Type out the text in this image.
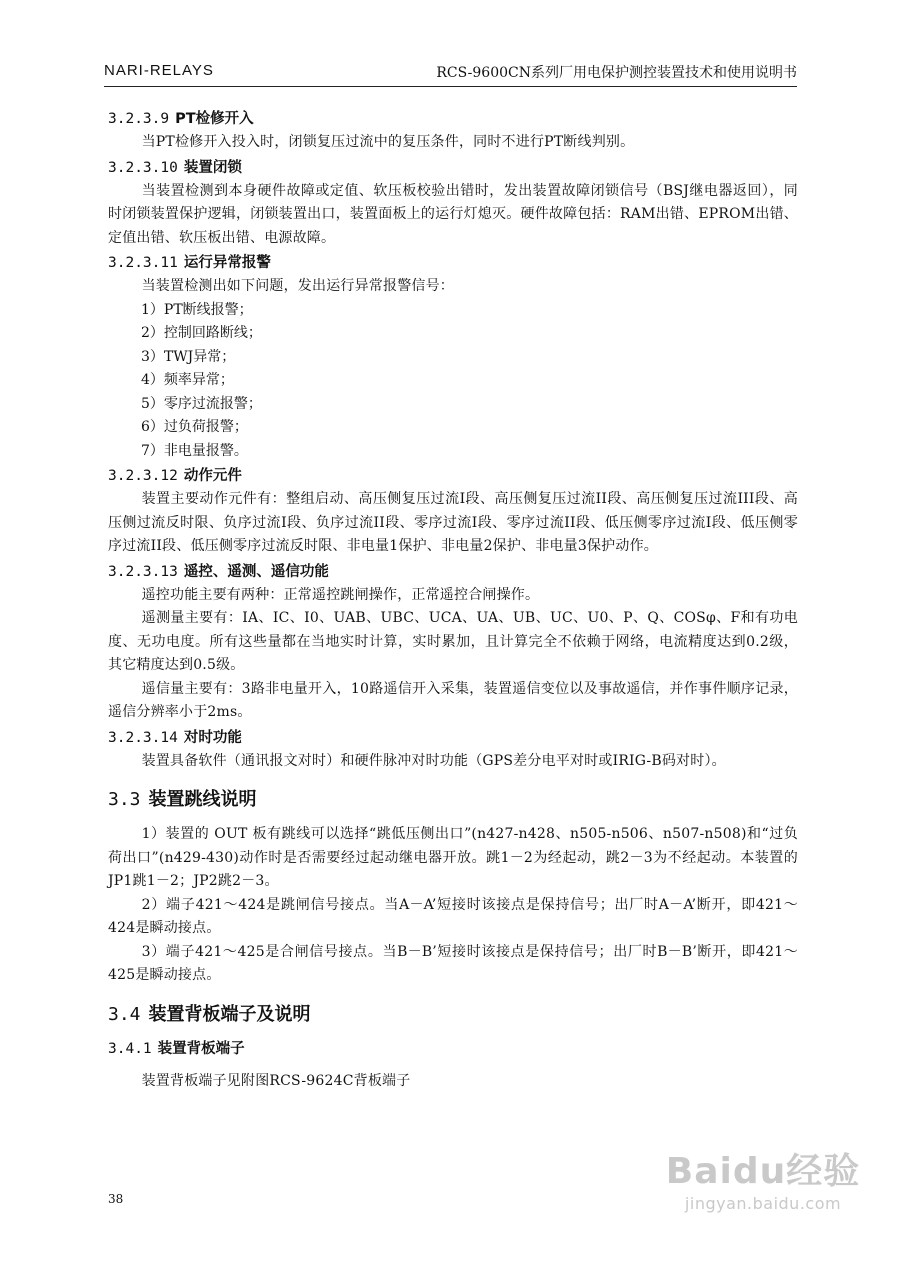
NARI-RELAYS	RCS-9600CN系列厂用电保护测控装置技术和使用说明书
3.2.3.9 PT检修开入

当PT检修开入投入时，闭锁复压过流中的复压条件，同时不进行PT断线判别。

3.2.3.10 装置闭锁

当装置检测到本身硬件故障或定值、软压板校验出错时，发出装置故障闭锁信号（BSJ继电器返回），同时闭锁装置保护逻辑，闭锁装置出口，装置面板上的运行灯熄灭。硬件故障包括：RAM出错、EPROM出错、定值出错、软压板出错、电源故障。

3.2.3.11 运行异常报警

当装置检测出如下问题，发出运行异常报警信号：

1）PT断线报警；
2）控制回路断线；
3）TWJ异常；
4）频率异常；
5）零序过流报警；
6）过负荷报警；
7）非电量报警。
3.2.3.12 动作元件

装置主要动作元件有：整组启动、高压侧复压过流I段、高压侧复压过流II段、高压侧复压过流III段、高压侧过流反时限、负序过流I段、负序过流II段、零序过流I段、零序过流II段、低压侧零序过流I段、低压侧零序过流II段、低压侧零序过流反时限、非电量1保护、非电量2保护、非电量3保护动作。

3.2.3.13 遥控、遥测、遥信功能

遥控功能主要有两种：正常遥控跳闸操作，正常遥控合闸操作。

遥测量主要有：IA、IC、I0、UAB、UBC、UCA、UA、UB、UC、U0、P、Q、COSφ、F和有功电度、无功电度。所有这些量都在当地实时计算，实时累加，且计算完全不依赖于网络，电流精度达到0.2级，其它精度达到0.5级。

遥信量主要有：3路非电量开入，10路遥信开入采集，装置遥信变位以及事故遥信，并作事件顺序记录，遥信分辨率小于2ms。

3.2.3.14 对时功能

装置具备软件（通讯报文对时）和硬件脉冲对时功能（GPS差分电平对时或IRIG-B码对时）。

3.3 装置跳线说明

1）装置的 OUT 板有跳线可以选择“跳低压侧出口”(n427-n428、n505-n506、n507-n508)和“过负荷出口”(n429-430)动作时是否需要经过起动继电器开放。跳1－2为经起动，跳2－3为不经起动。本装置的JP1跳1－2；JP2跳2－3。

2）端子421～424是跳闸信号接点。当A－A’短接时该接点是保持信号；出厂时A－A’断开，即421～424是瞬动接点。

3）端子421～425是合闸信号接点。当B－B’短接时该接点是保持信号；出厂时B－B’断开，即421～425是瞬动接点。

3.4 装置背板端子及说明
3.4.1 装置背板端子

装置背板端子见附图RCS-9624C背板端子

38
Baidu经验
jingyan.baidu.com
